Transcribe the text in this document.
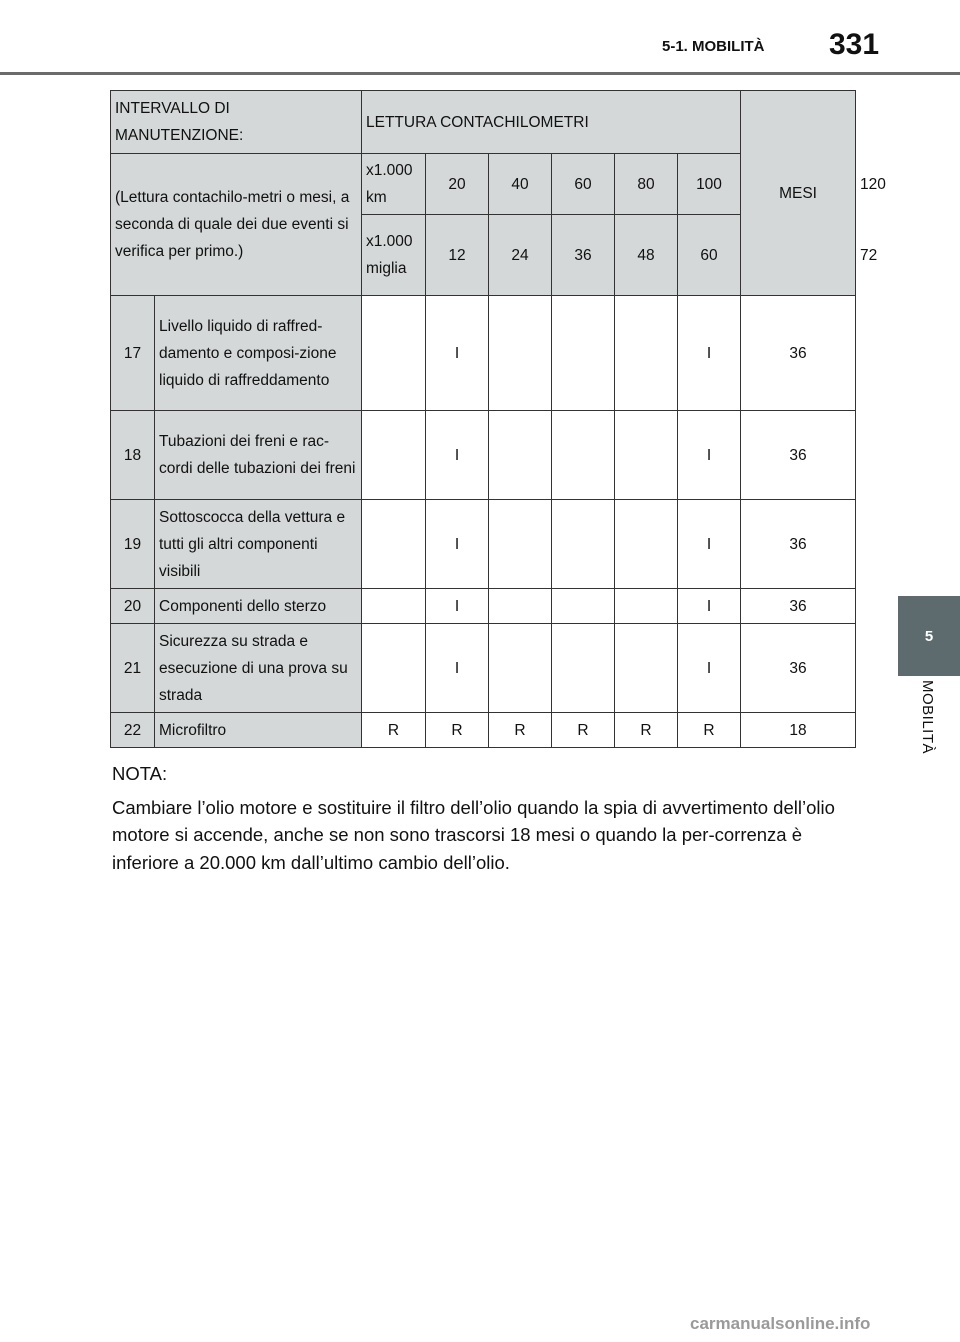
5-1. MOBILITÀ 331
5
MOBILITÀ
INTERVALLO DI MANUTENZIONE:		LETTURA CONTACHILOMETRI						MESI	
(Lettura contachilo-metri o mesi, a seconda di quale dei due eventi si verifica per primo.)		x1.000 km	20	40	60	80	100		120
		x1.000 miglia	12	24	36	48	60		72
17	Livello liquido di raffred-damento e composi-zione liquido di raffreddamento		I				I	36	
18	Tubazioni dei freni e rac-cordi delle tubazioni dei freni		I				I	36	
19	Sottoscocca della vettura e tutti gli altri componenti visibili		I				I	36	
20	Componenti dello sterzo		I				I	36	
21	Sicurezza su strada e esecuzione di una prova su strada		I				I	36	
22	Microfiltro	R	R	R	R	R	R	18	

NOTA:

Cambiare l’olio motore e sostituire il filtro dell’olio quando la spia di avvertimento dell’olio motore si accende, anche se non sono trascorsi 18 mesi o quando la per-correnza è inferiore a 20.000 km dall’ultimo cambio dell’olio.

carmanualsonline.info
